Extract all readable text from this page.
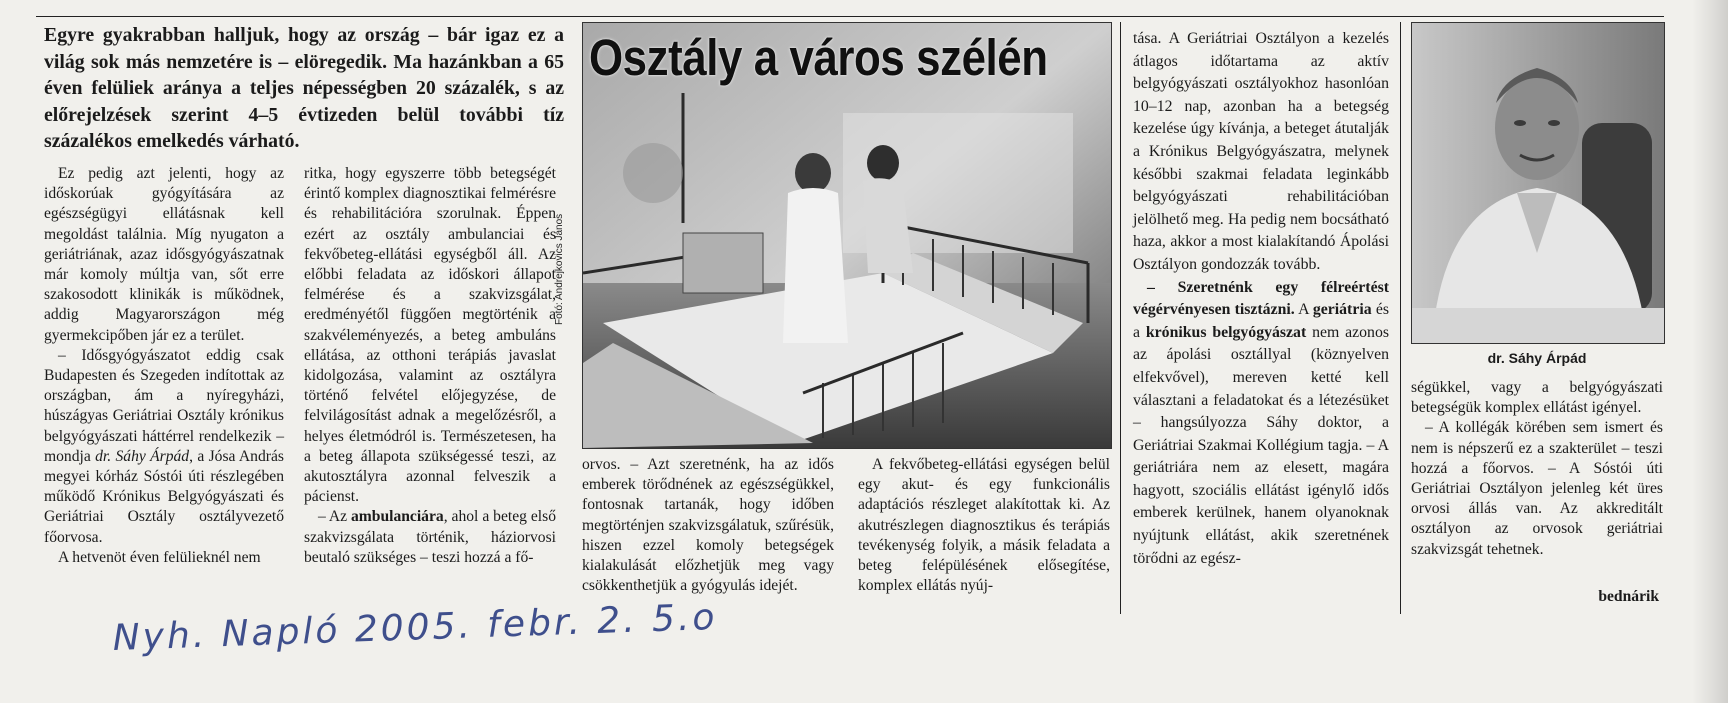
Egyre gyakrabban halljuk, hogy az ország – bár igaz ez a világ sok más nemzetére is – elöregedik. Ma hazánkban a 65 éven felüliek aránya a teljes népességben 20 százalék, s az előrejelzések szerint 4–5 évtizeden belül további tíz százalékos emelkedés várható.

Ez pedig azt jelenti, hogy az időskorúak gyógyítására az egészségügyi ellátásnak kell megoldást találnia. Míg nyugaton a geriátriának, azaz idősgyógyászatnak már komoly múltja van, sőt erre szakosodott klinikák is működnek, addig Magyarországon még gyermekcipőben jár ez a terület.

– Idősgyógyászatot eddig csak Budapesten és Szegeden indítottak az országban, ám a nyíregyházi, húszágyas Geriátriai Osztály krónikus belgyógyászati háttérrel rendelkezik – mondja dr. Sáhy Árpád, a Jósa András megyei kórház Sóstói úti részlegében működő Krónikus Belgyógyászati és Geriátriai Osztály osztályvezető főorvosa.

A hetvenöt éven felülieknél nem

ritka, hogy egyszerre több betegségét érintő komplex diagnosztikai felmérésre és rehabilitációra szorulnak. Éppen ezért az osztály ambulanciai és fekvőbeteg-ellátási egységből áll. Az előbbi feladata az időskori állapot felmérése és a szakvizsgálat, eredményétől függően megtörténik a szakvéleményezés, a beteg ambuláns ellátása, az otthoni terápiás javaslat kidolgozása, valamint az osztályra történő felvétel előjegyzése, de felvilágosítást adnak a megelőzésről, a helyes életmódról is. Természetesen, ha a beteg állapota szükségessé teszi, az akutosztályra azonnal felveszik a pácienst.

– Az ambulanciára, ahol a beteg első szakvizsgálata történik, háziorvosi beutaló szükséges – teszi hozzá a fő-

Osztály a város szélén
Fotó: Andrejkovics János

orvos. – Azt szeretnénk, ha az idős emberek törődnének az egészségükkel, fontosnak tartanák, hogy időben megtörténjen szakvizsgálatuk, szűrésük, hiszen ezzel komoly betegségek kialakulását előzhetjük meg vagy csökkenthetjük a gyógyulás idejét.

A fekvőbeteg-ellátási egységen belül egy akut- és egy funkcionális adaptációs részleget alakítottak ki. Az akutrészlegen diagnosztikus és terápiás tevékenység folyik, a másik feladata a beteg felépülésének elősegítése, komplex ellátás nyúj-

tása. A Geriátriai Osztályon a kezelés átlagos időtartama az aktív belgyógyászati osztályokhoz hasonlóan 10–12 nap, azonban ha a betegség kezelése úgy kívánja, a beteget átutalják a Krónikus Belgyógyászatra, melynek későbbi szakmai feladata leginkább belgyógyászati rehabilitációban jelölhető meg. Ha pedig nem bocsátható haza, akkor a most kialakítandó Ápolási Osztályon gondozzák tovább.

– Szeretnénk egy félreértést végérvényesen tisztázni. A geriátria és a krónikus belgyógyászat nem azonos az ápolási osztállyal (köznyelven elfekvővel), mereven ketté kell választani a feladatokat és a létezésüket – hangsúlyozza Sáhy doktor, a Geriátriai Szakmai Kollégium tagja. – A geriátriára nem az elesett, magára hagyott, szociális ellátást igénylő idős emberek kerülnek, hanem olyanoknak nyújtunk ellátást, akik szeretnének törődni az egész-

dr. Sáhy Árpád

ségükkel, vagy a belgyógyászati betegségük komplex ellátást igényel.

– A kollégák körében sem ismert és nem is népszerű ez a szakterület – teszi hozzá a főorvos. – A Sóstói úti Geriátriai Osztályon jelenleg két üres orvosi állás van. Az akkreditált osztályon az orvosok geriátriai szakvizsgát tehetnek.

bednárik
Nyh. Napló 2005. febr. 2. 5.o
